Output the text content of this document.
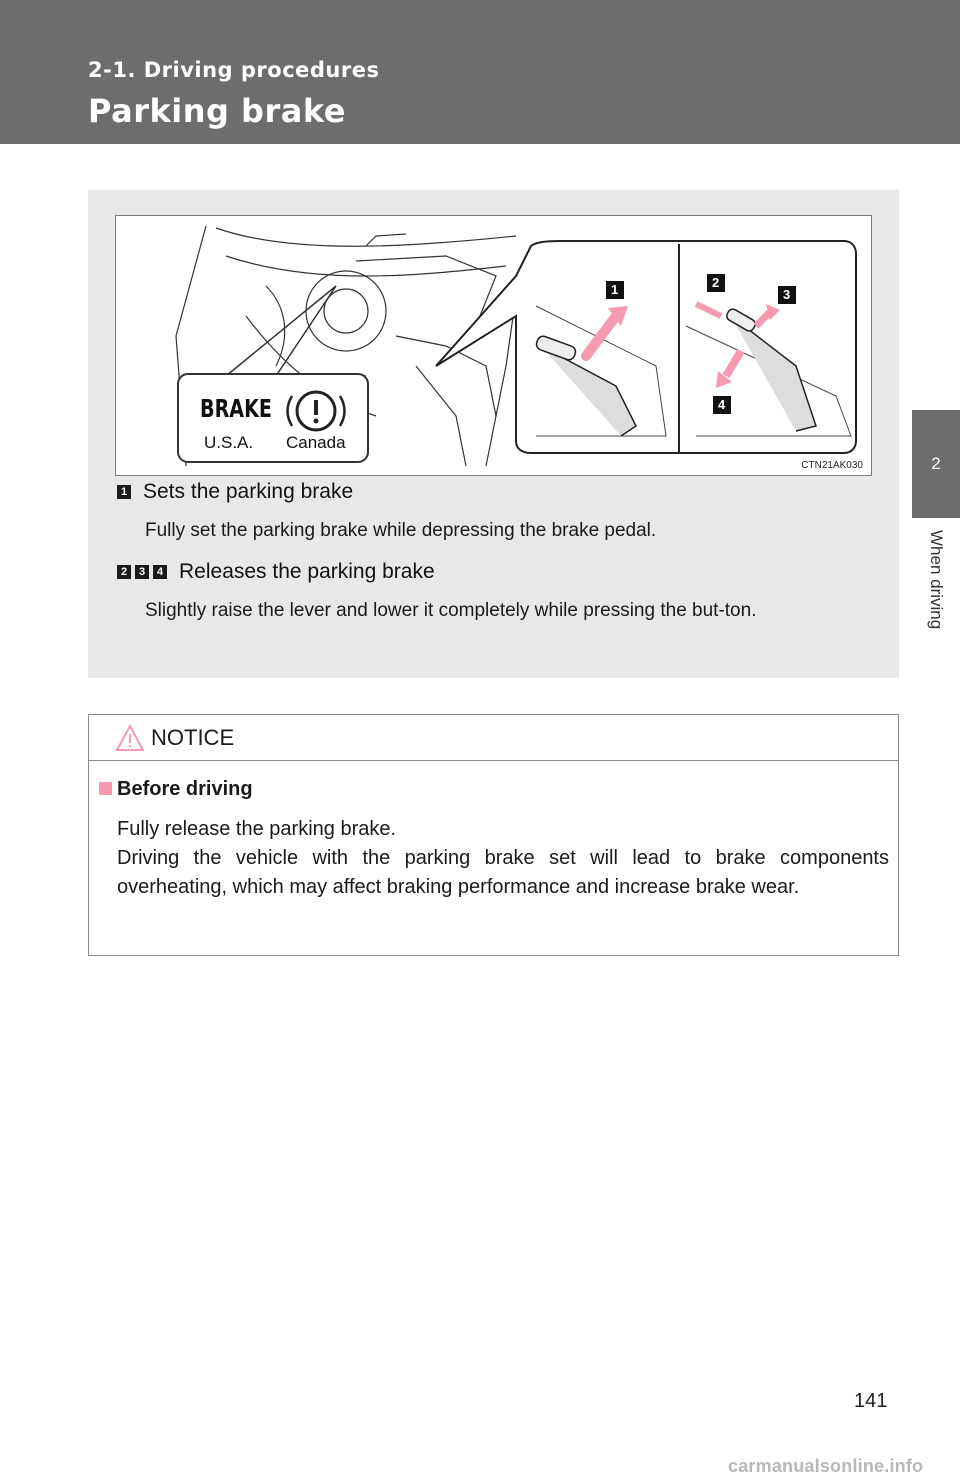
2-1. Driving procedures
Parking brake
2
When driving
BRAKE
U.S.A. Canada
1	2
3
4
CTN21AK030
1 Sets the parking brake
Fully set the parking brake while depressing the brake pedal.
2 3 4 Releases the parking brake
Slightly raise the lever and lower it completely while pressing the but-ton.
NOTICE
Before driving
Fully release the parking brake.
Driving the vehicle with the parking brake set will lead to brake components overheating, which may affect braking performance and increase brake wear.
141
carmanualsonline.info
